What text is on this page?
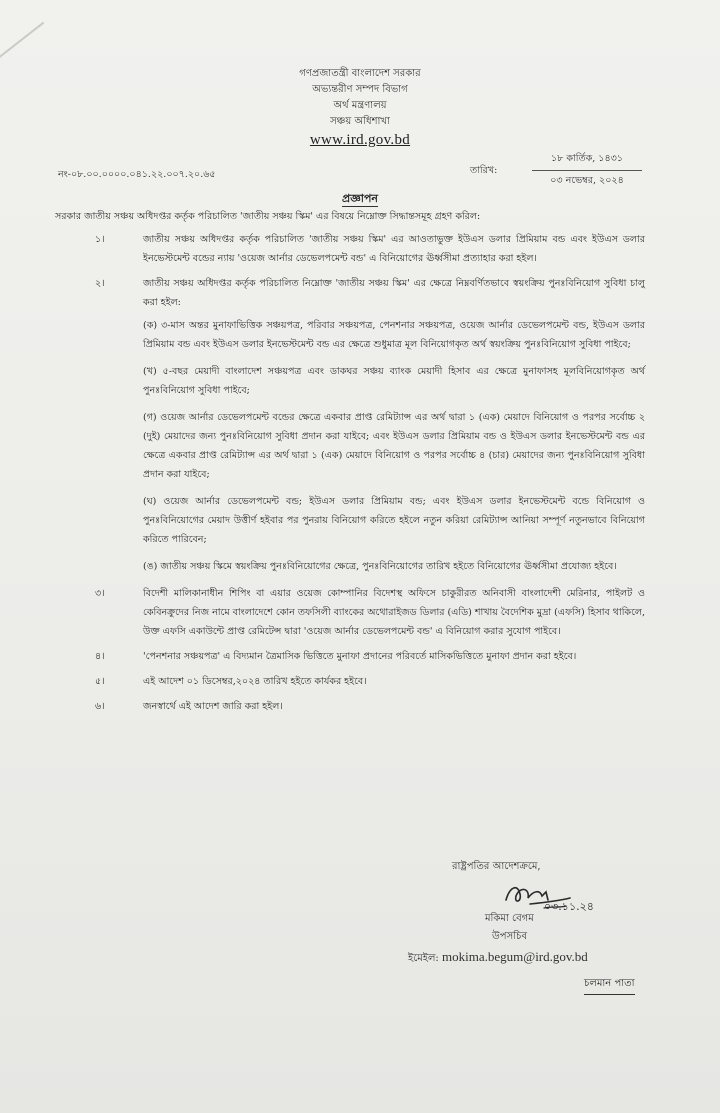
গণপ্রজাতন্ত্রী বাংলাদেশ সরকার
অভ্যন্তরীণ সম্পদ বিভাগ
অর্থ মন্ত্রণালয়
সঞ্চয় অধিশাখা
www.ird.gov.bd
নং-০৮.০০.০০০০.০৪১.২২.০০৭.২০.৬৫	তারিখ:
১৮ কার্তিক, ১৪৩১
০৩ নভেম্বর, ২০২৪
প্রজ্ঞাপন
সরকার জাতীয় সঞ্চয় অধিদপ্তর কর্তৃক পরিচালিত 'জাতীয় সঞ্চয় স্কিম' এর বিষয়ে নিম্নোক্ত সিদ্ধান্তসমূহ গ্রহণ করিল:
১।	জাতীয় সঞ্চয় অধিদপ্তর কর্তৃক পরিচালিত 'জাতীয় সঞ্চয় স্কিম' এর আওতাভুক্ত ইউএস ডলার প্রিমিয়াম বন্ড এবং ইউএস ডলার ইনভেস্টমেন্ট বন্ডের ন্যায় 'ওয়েজ আর্নার ডেভেলপমেন্ট বন্ড' এ বিনিয়োগের ঊর্ধ্বসীমা প্রত্যাহার করা হইল।
২।	জাতীয় সঞ্চয় অধিদপ্তর কর্তৃক পরিচালিত নিম্নোক্ত 'জাতীয় সঞ্চয় স্কিম' এর ক্ষেত্রে নিম্নবর্ণিতভাবে স্বয়ংক্রিয় পুনঃবিনিয়োগ সুবিধা চালু করা হইল:
(ক) ৩-মাস অন্তর মুনাফাভিত্তিক সঞ্চয়পত্র, পরিবার সঞ্চয়পত্র, পেনশনার সঞ্চয়পত্র, ওয়েজ আর্নার ডেভেলপমেন্ট বন্ড, ইউএস ডলার প্রিমিয়াম বন্ড এবং ইউএস ডলার ইনভেস্টমেন্ট বন্ড এর ক্ষেত্রে শুধুমাত্র মূল বিনিয়োগকৃত অর্থ স্বয়ংক্রিয় পুনঃবিনিয়োগ সুবিধা পাইবে;
(খ) ৫-বছর মেয়াদী বাংলাদেশ সঞ্চয়পত্র এবং ডাকঘর সঞ্চয় ব্যাংক মেয়াদী হিসাব এর ক্ষেত্রে মুনাফাসহ মূলবিনিয়োগকৃত অর্থ পুনঃবিনিয়োগ সুবিধা পাইবে;
(গ) ওয়েজ আর্নার ডেভেলপমেন্ট বন্ডের ক্ষেত্রে একবার প্রাপ্ত রেমিট্যান্স এর অর্থ দ্বারা ১ (এক) মেয়াদে বিনিয়োগ ও পরপর সর্বোচ্চ ২ (দুই) মেয়াদের জন্য পুনঃবিনিয়োগ সুবিধা প্রদান করা যাইবে; এবং ইউএস ডলার প্রিমিয়াম বন্ড ও ইউএস ডলার ইনভেস্টমেন্ট বন্ড এর ক্ষেত্রে একবার প্রাপ্ত রেমিট্যান্স এর অর্থ দ্বারা ১ (এক) মেয়াদে বিনিয়োগ ও পরপর সর্বোচ্চ ৪ (চার) মেয়াদের জন্য পুনঃবিনিয়োগ সুবিধা প্রদান করা যাইবে;
(ঘ) ওয়েজ আর্নার ডেভেলপমেন্ট বন্ড; ইউএস ডলার প্রিমিয়াম বন্ড; এবং ইউএস ডলার ইনভেস্টমেন্ট বন্ডে বিনিয়োগ ও পুনঃবিনিয়োগের মেয়াদ উত্তীর্ণ হইবার পর পুনরায় বিনিয়োগ করিতে হইলে নতুন করিয়া রেমিট্যান্স আনিয়া সম্পূর্ণ নতুনভাবে বিনিয়োগ করিতে পারিবেন;
(ঙ) জাতীয় সঞ্চয় স্কিমে স্বয়ংক্রিয় পুনঃবিনিয়োগের ক্ষেত্রে, পুনঃবিনিয়োগের তারিখ হইতে বিনিয়োগের ঊর্ধ্বসীমা প্রযোজ্য হইবে।
৩।	বিদেশী মালিকানাধীন শিপিং বা এয়ার ওয়েজ কোম্পানির বিদেশস্থ অফিসে চাকুরীরত অনিবাসী বাংলাদেশী মেরিনার, পাইলট ও কেবিনক্রুদের নিজ নামে বাংলাদেশে কোন তফসিলী ব্যাংকের অথোরাইজড ডিলার (এডি) শাখায় বৈদেশিক মুদ্রা (এফসি) হিসাব থাকিলে, উক্ত এফসি একাউন্টে প্রাপ্ত রেমিটেন্স দ্বারা 'ওয়েজ আর্নার ডেভেলপমেন্ট বন্ড' এ বিনিয়োগ করার সুযোগ পাইবে।
৪।	'পেনশনার সঞ্চয়পত্র' এ বিদ্যমান ত্রৈমাসিক ভিত্তিতে মুনাফা প্রদানের পরিবর্তে মাসিকভিত্তিতে মুনাফা প্রদান করা হইবে।
৫।	এই আদেশ ০১ ডিসেম্বর,২০২৪ তারিখ হইতে কার্যকর হইবে।
৬।	জনস্বার্থে এই আদেশ জারি করা হইল।
রাষ্ট্রপতির আদেশক্রমে,
০৩.১১.২৪
মকিমা বেগম
উপসচিব
ইমেইল: mokima.begum@ird.gov.bd
চলমান পাতা
